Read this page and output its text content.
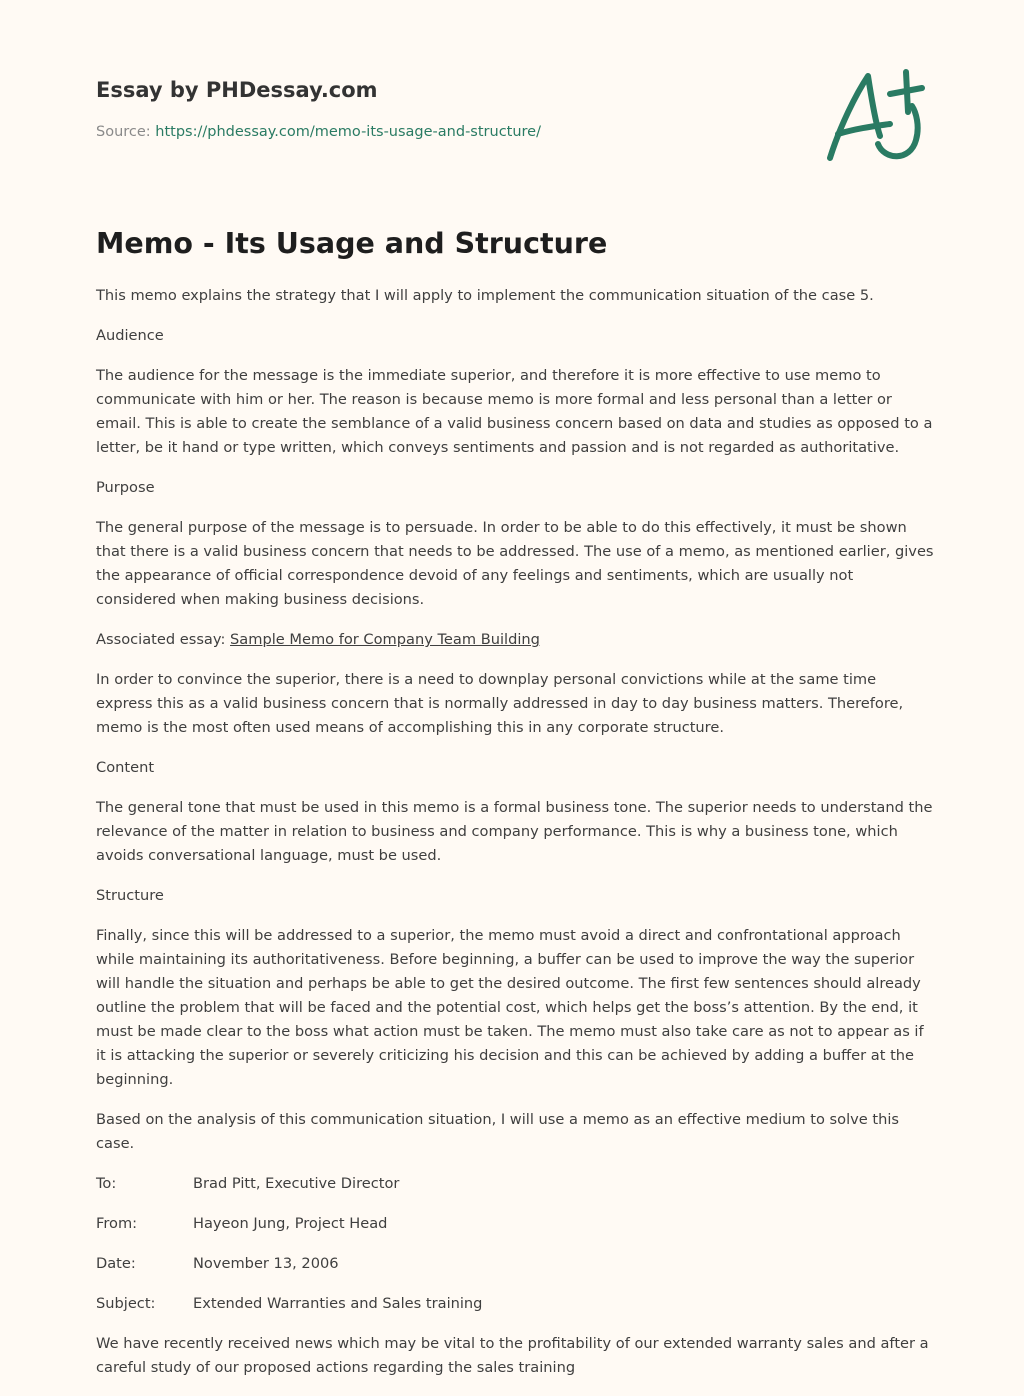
Essay by PHDessay.com
Source: https://phdessay.com/memo-its-usage-and-structure/
Memo - Its Usage and Structure

This memo explains the strategy that I will apply to implement the communication situation of the case 5.

Audience

The audience for the message is the immediate superior, and therefore it is more effective to use memo to communicate with him or her. The reason is because memo is more formal and less personal than a letter or email. This is able to create the semblance of a valid business concern based on data and studies as opposed to a letter, be it hand or type written, which conveys sentiments and passion and is not regarded as authoritative.

Purpose

The general purpose of the message is to persuade. In order to be able to do this effectively, it must be shown that there is a valid business concern that needs to be addressed. The use of a memo, as mentioned earlier, gives the appearance of official correspondence devoid of any feelings and sentiments, which are usually not considered when making business decisions.

Associated essay: Sample Memo for Company Team Building

In order to convince the superior, there is a need to downplay personal convictions while at the same time express this as a valid business concern that is normally addressed in day to day business matters. Therefore, memo is the most often used means of accomplishing this in any corporate structure.

Content

The general tone that must be used in this memo is a formal business tone. The superior needs to understand the relevance of the matter in relation to business and company performance. This is why a business tone, which avoids conversational language, must be used.

Structure

Finally, since this will be addressed to a superior, the memo must avoid a direct and confrontational approach while maintaining its authoritativeness. Before beginning, a buffer can be used to improve the way the superior will handle the situation and perhaps be able to get the desired outcome. The first few sentences should already outline the problem that will be faced and the potential cost, which helps get the boss’s attention. By the end, it must be made clear to the boss what action must be taken. The memo must also take care as not to appear as if it is attacking the superior or severely criticizing his decision and this can be achieved by adding a buffer at the beginning.

Based on the analysis of this communication situation, I will use a memo as an effective medium to solve this case.

To:	Brad Pitt, Executive Director
From:	Hayeon Jung, Project Head
Date:	November 13, 2006
Subject:	Extended Warranties and Sales training

We have recently received news which may be vital to the profitability of our extended warranty sales and after a careful study of our proposed actions regarding the sales training
